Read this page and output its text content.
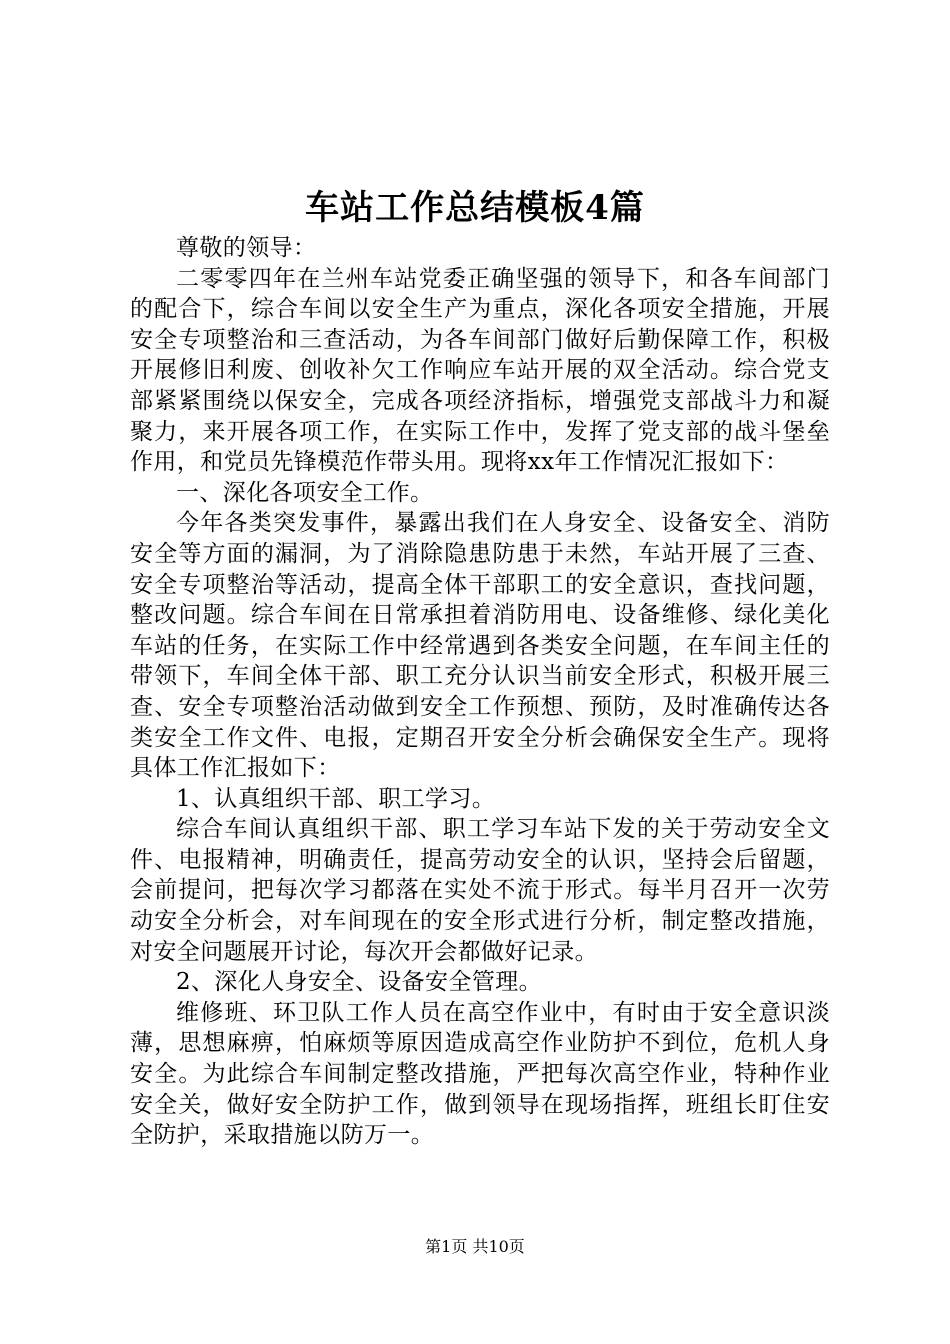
车站工作总结模板4篇

尊敬的领导：

二零零四年在兰州车站党委正确坚强的领导下，和各车间部门的配合下，综合车间以安全生产为重点，深化各项安全措施，开展安全专项整治和三查活动，为各车间部门做好后勤保障工作，积极开展修旧利废、创收补欠工作响应车站开展的双全活动。综合党支部紧紧围绕以保安全，完成各项经济指标，增强党支部战斗力和凝聚力，来开展各项工作，在实际工作中，发挥了党支部的战斗堡垒作用，和党员先锋模范作带头用。现将xx年工作情况汇报如下：

一、深化各项安全工作。

今年各类突发事件，暴露出我们在人身安全、设备安全、消防安全等方面的漏洞，为了消除隐患防患于未然，车站开展了三查、安全专项整治等活动，提高全体干部职工的安全意识，查找问题，整改问题。综合车间在日常承担着消防用电、设备维修、绿化美化车站的任务，在实际工作中经常遇到各类安全问题，在车间主任的带领下，车间全体干部、职工充分认识当前安全形式，积极开展三查、安全专项整治活动做到安全工作预想、预防，及时准确传达各类安全工作文件、电报，定期召开安全分析会确保安全生产。现将具体工作汇报如下：

1、认真组织干部、职工学习。

综合车间认真组织干部、职工学习车站下发的关于劳动安全文件、电报精神，明确责任，提高劳动安全的认识，坚持会后留题，会前提问，把每次学习都落在实处不流于形式。每半月召开一次劳动安全分析会，对车间现在的安全形式进行分析，制定整改措施，对安全问题展开讨论，每次开会都做好记录。

2、深化人身安全、设备安全管理。

维修班、环卫队工作人员在高空作业中，有时由于安全意识淡薄，思想麻痹，怕麻烦等原因造成高空作业防护不到位，危机人身安全。为此综合车间制定整改措施，严把每次高空作业，特种作业安全关，做好安全防护工作，做到领导在现场指挥，班组长盯住安全防护，采取措施以防万一。

第1页 共10页
